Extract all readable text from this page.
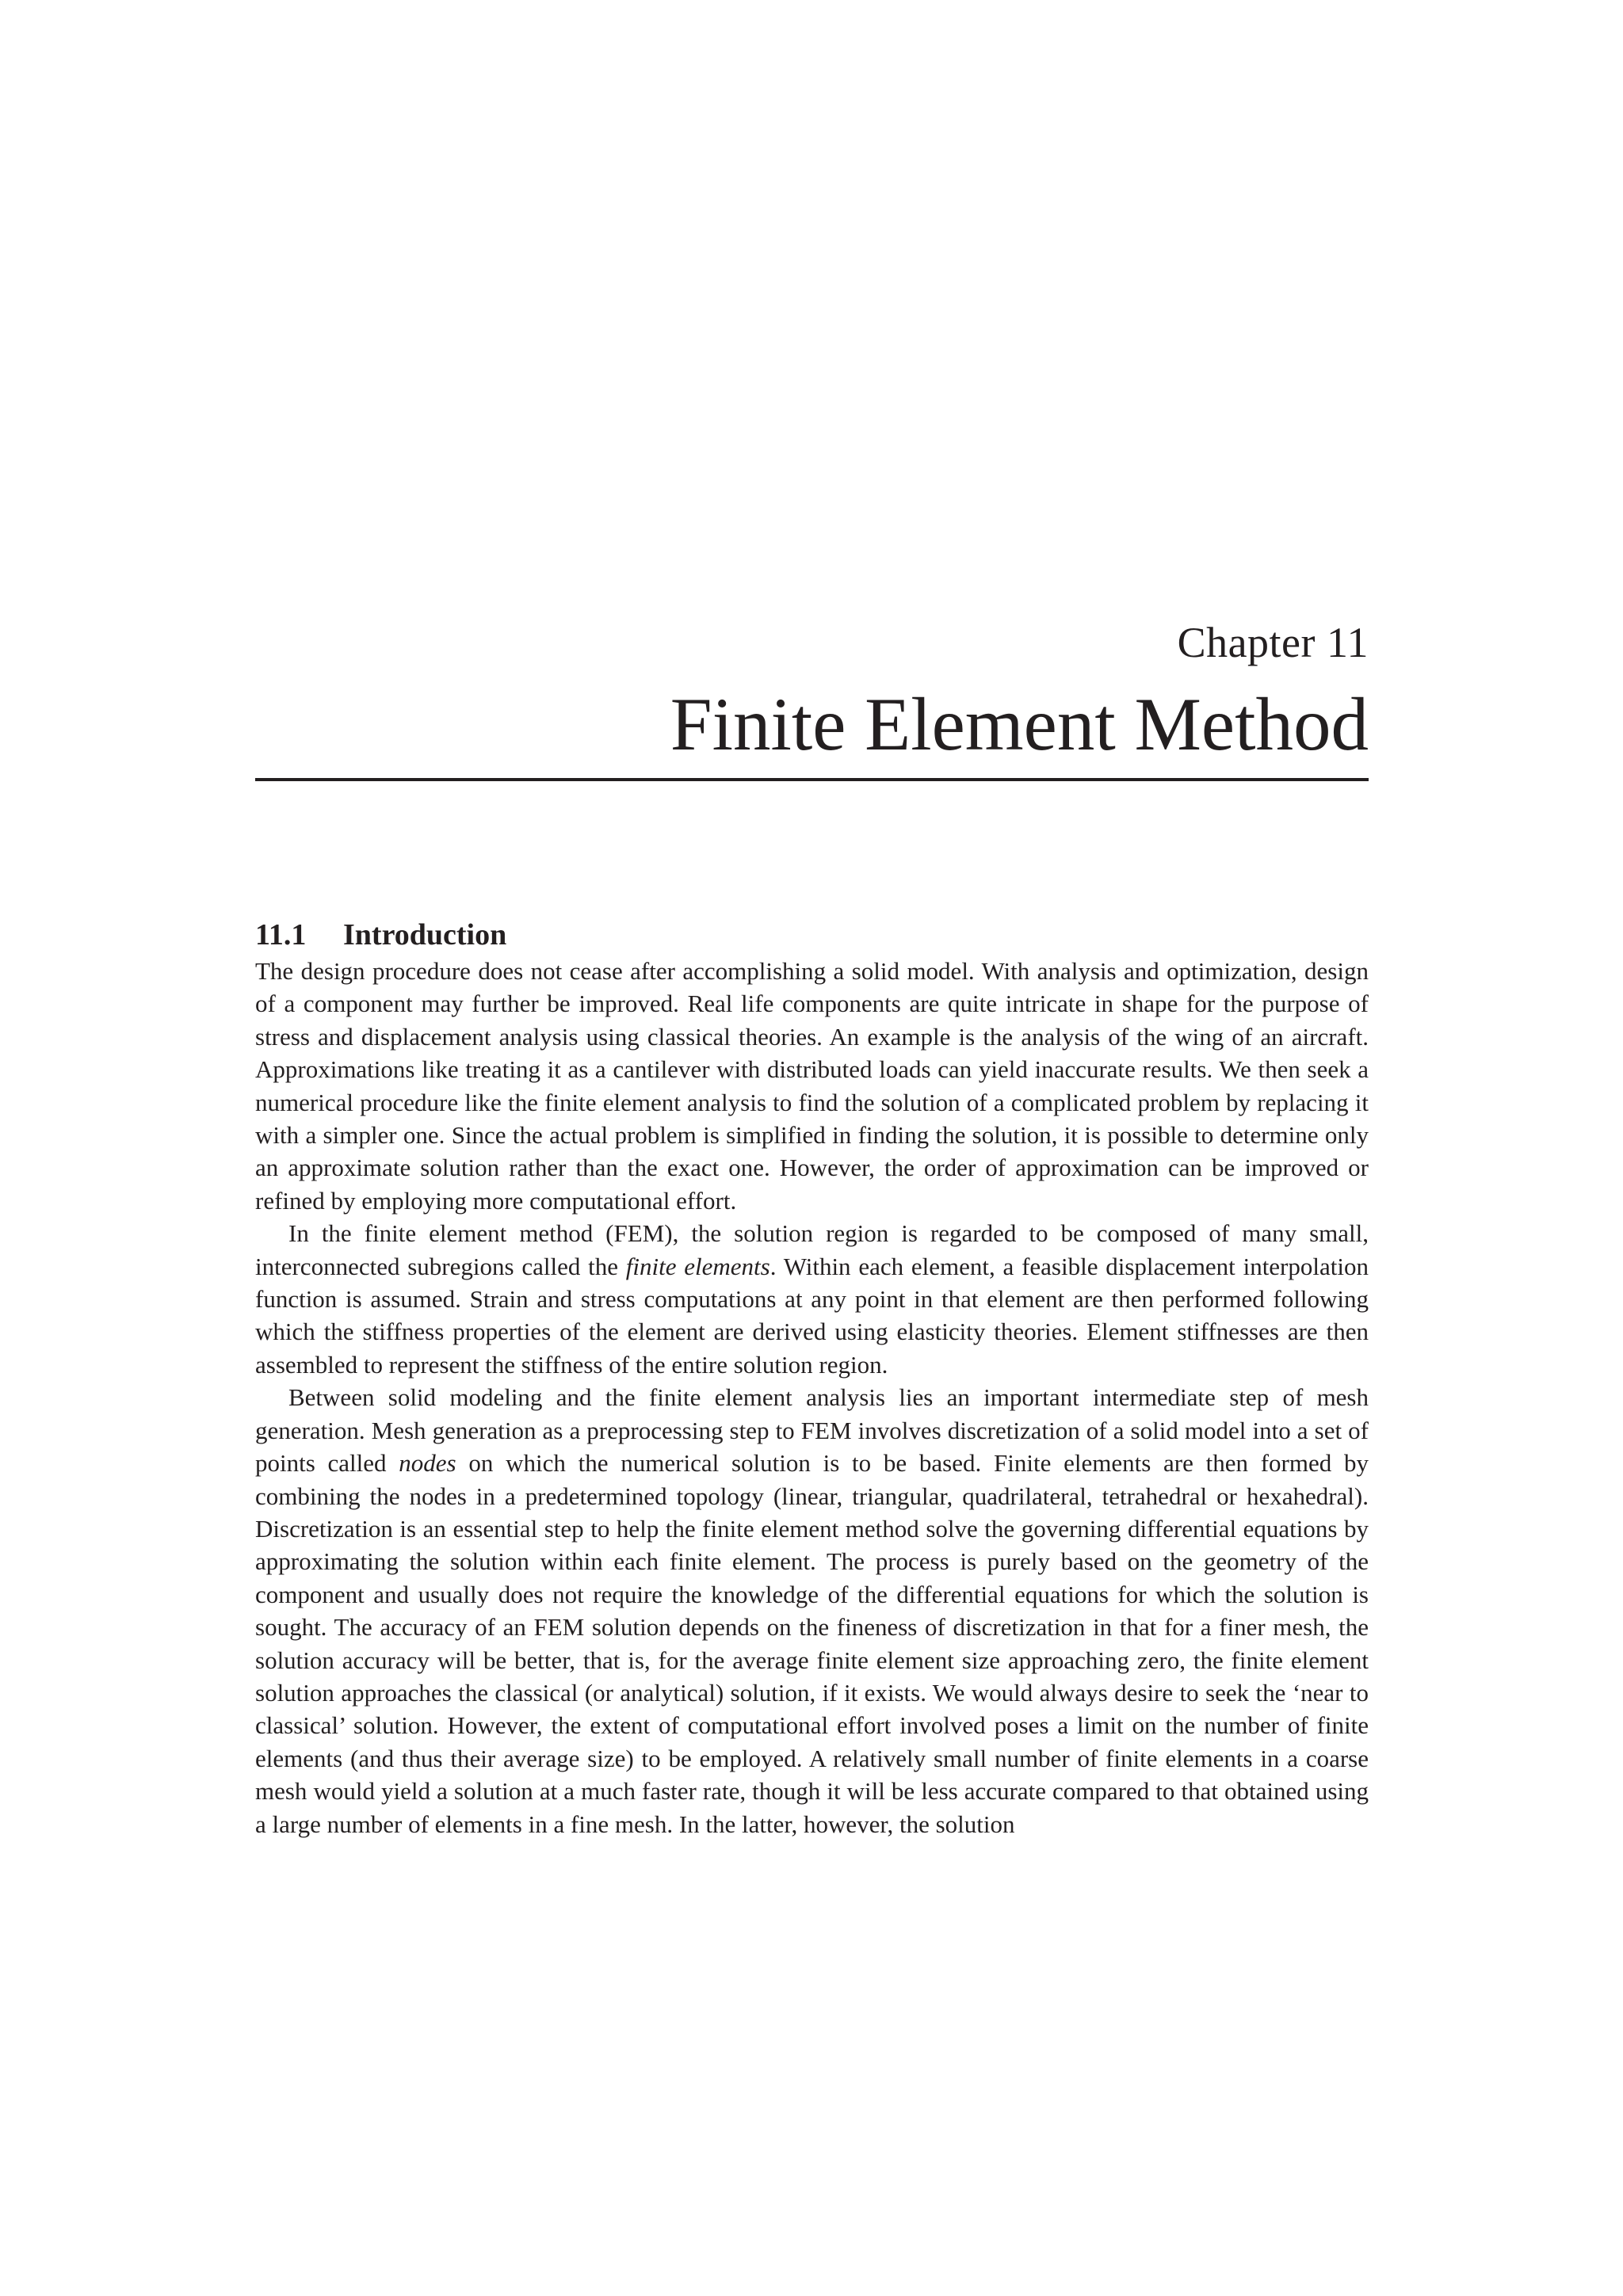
Chapter 11
Finite Element Method
11.1 Introduction

The design procedure does not cease after accomplishing a solid model. With analysis and optimization, design of a component may further be improved. Real life components are quite intricate in shape for the purpose of stress and displacement analysis using classical theories. An example is the analysis of the wing of an aircraft. Approximations like treating it as a cantilever with distributed loads can yield inaccurate results. We then seek a numerical procedure like the finite element analysis to find the solution of a complicated problem by replacing it with a simpler one. Since the actual problem is simplified in finding the solution, it is possible to determine only an approximate solution rather than the exact one. However, the order of approximation can be improved or refined by employing more computational effort.

In the finite element method (FEM), the solution region is regarded to be composed of many small, interconnected subregions called the finite elements. Within each element, a feasible displacement interpolation function is assumed. Strain and stress computations at any point in that element are then performed following which the stiffness properties of the element are derived using elasticity theories. Element stiffnesses are then assembled to represent the stiffness of the entire solution region.

Between solid modeling and the finite element analysis lies an important intermediate step of mesh generation. Mesh generation as a preprocessing step to FEM involves discretization of a solid model into a set of points called nodes on which the numerical solution is to be based. Finite elements are then formed by combining the nodes in a predetermined topology (linear, triangular, quadrilateral, tetrahedral or hexahedral). Discretization is an essential step to help the finite element method solve the governing differential equations by approximating the solution within each finite element. The process is purely based on the geometry of the component and usually does not require the knowledge of the differential equations for which the solution is sought. The accuracy of an FEM solution depends on the fineness of discretization in that for a finer mesh, the solution accuracy will be better, that is, for the average finite element size approaching zero, the finite element solution approaches the classical (or analytical) solution, if it exists. We would always desire to seek the ‘near to classical’ solution. However, the extent of computational effort involved poses a limit on the number of finite elements (and thus their average size) to be employed. A relatively small number of finite elements in a coarse mesh would yield a solution at a much faster rate, though it will be less accurate compared to that obtained using a large number of elements in a fine mesh. In the latter, however, the solution
